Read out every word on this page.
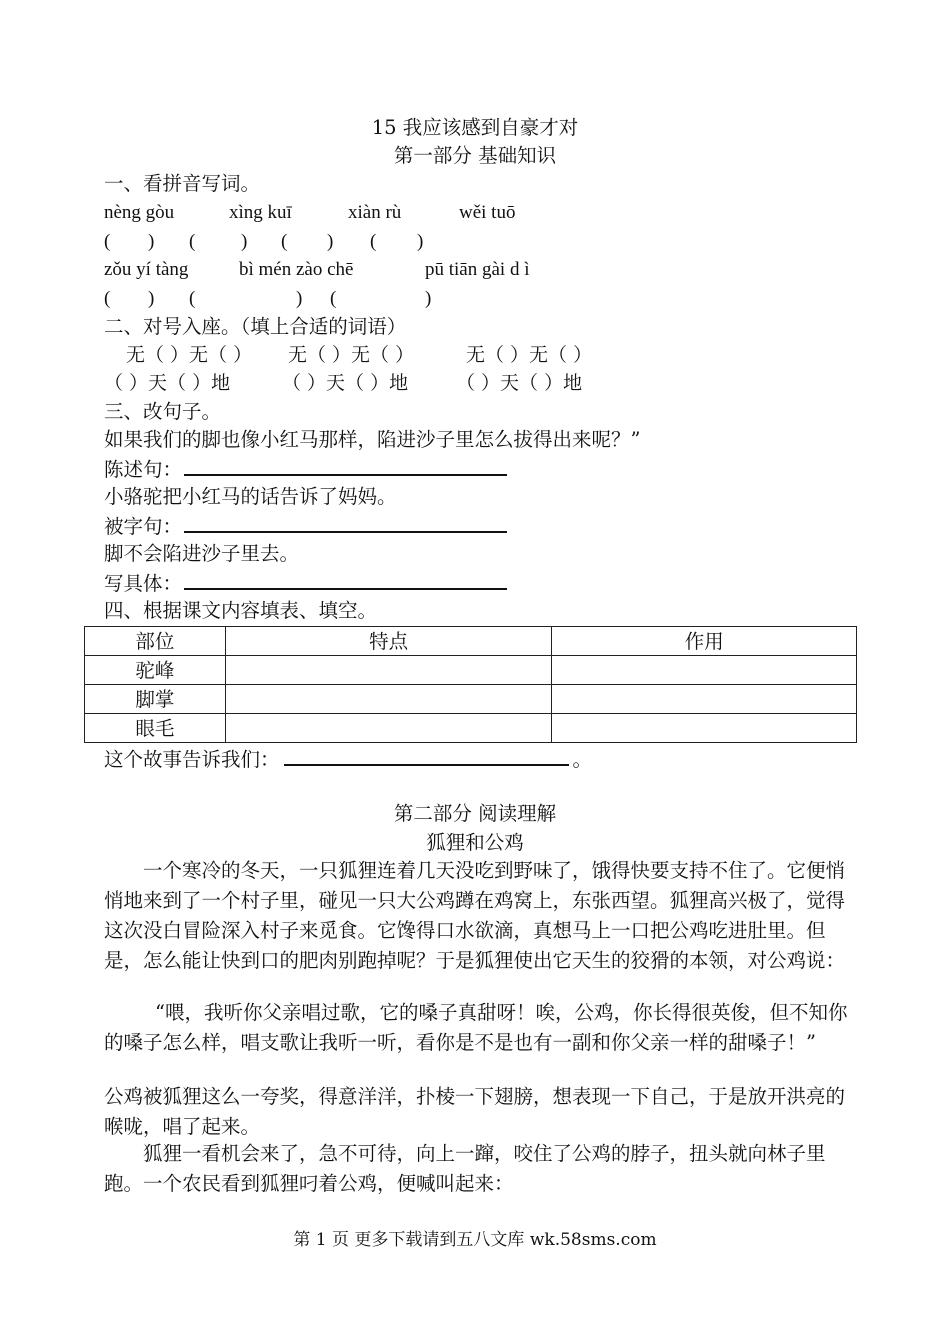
15 我应该感到自豪才对
第一部分 基础知识
一、看拼音写词。
nèng gòu	xìng kuī	xiàn rù	wěi tuō
( ) ( ) ( ) ( )
zǒu yí tàng	bì mén zào chē	pū tiān gài d ì
( ) (	) (	)
二、对号入座。（填上合适的词语）
无（ ）无（ ） 无（ ）无（ ）	无（ ）无（ ）
（ ）天（ ）地	（ ）天（ ）地	（ ）天（ ）地
三、改句子。
如果我们的脚也像小红马那样，陷进沙子里怎么拔得出来呢？”
陈述句：
小骆驼把小红马的话告诉了妈妈。
被字句：
脚不会陷进沙子里去。
写具体：
四、根据课文内容填表、填空。
部位	特点	作用
驼峰		
脚掌		
眼毛		
这个故事告诉我们：	。
第二部分 阅读理解
狐狸和公鸡
一个寒冷的冬天，一只狐狸连着几天没吃到野味了，饿得快要支持不住了。它便悄悄地来到了一个村子里，碰见一只大公鸡蹲在鸡窝上，东张西望。狐狸高兴极了，觉得这次没白冒险深入村子来觅食。它馋得口水欲滴，真想马上一口把公鸡吃进肚里。但是，怎么能让快到口的肥肉别跑掉呢？于是狐狸使出它天生的狡猾的本领，对公鸡说：
“喂，我听你父亲唱过歌，它的嗓子真甜呀！唉，公鸡，你长得很英俊，但不知你的嗓子怎么样，唱支歌让我听一听，看你是不是也有一副和你父亲一样的甜嗓子！”
公鸡被狐狸这么一夸奖，得意洋洋，扑棱一下翅膀，想表现一下自己，于是放开洪亮的喉咙，唱了起来。
狐狸一看机会来了，急不可待，向上一蹿，咬住了公鸡的脖子，扭头就向林子里跑。一个农民看到狐狸叼着公鸡，便喊叫起来：
第 1 页 更多下载请到五八文库 wk.58sms.com
